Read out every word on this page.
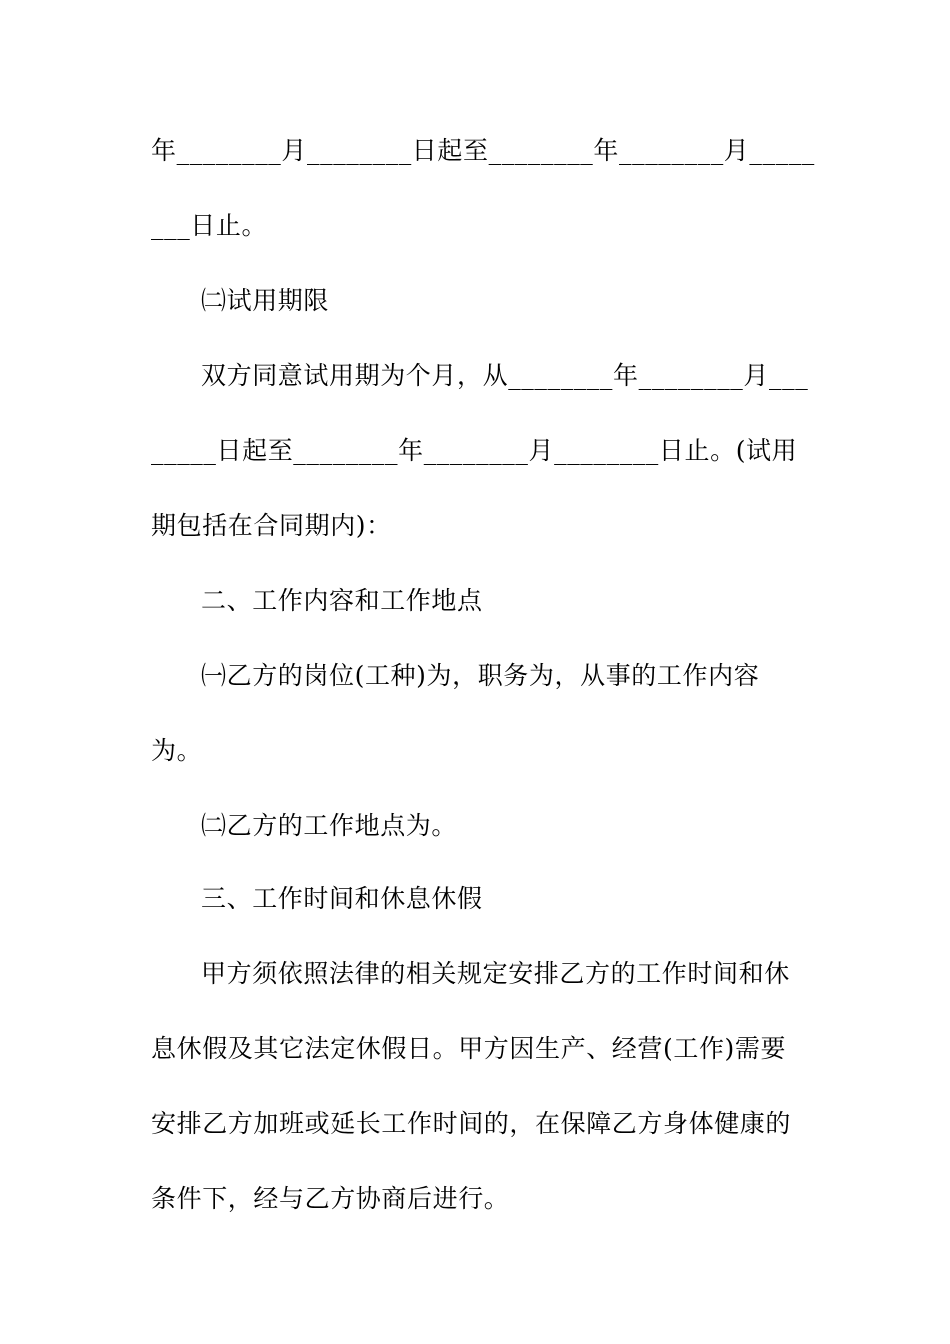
年________月________日起至________年________月_____
___日止。
㈡试用期限
双方同意试用期为个月，从________年________月___
_____日起至________年________月________日止。(试用
期包括在合同期内)：
二、工作内容和工作地点
㈠乙方的岗位(工种)为，职务为，从事的工作内容
为。
㈡乙方的工作地点为。
三、工作时间和休息休假
甲方须依照法律的相关规定安排乙方的工作时间和休
息休假及其它法定休假日。甲方因生产、经营(工作)需要
安排乙方加班或延长工作时间的，在保障乙方身体健康的
条件下，经与乙方协商后进行。
